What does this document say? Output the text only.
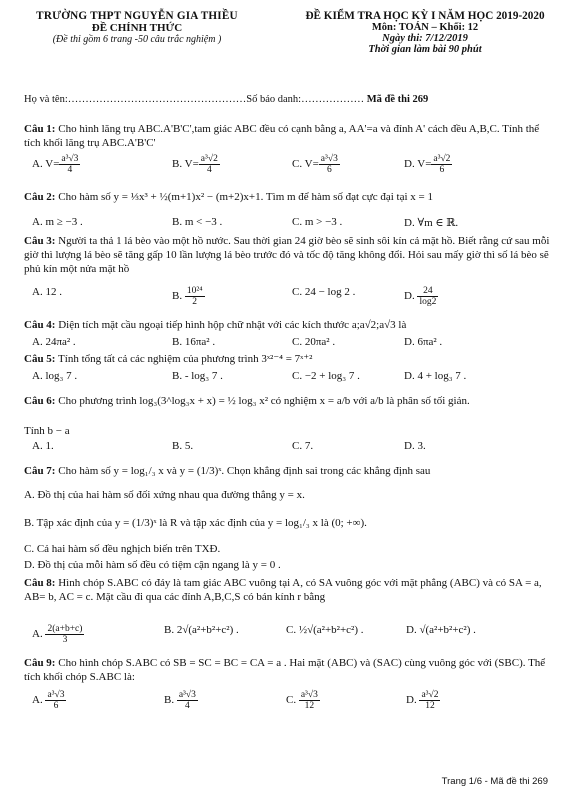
TRƯỜNG THPT NGUYỄN GIA THIỀU
ĐỀ CHÍNH THỨC
(Đề thi gồm 6 trang -50 câu trắc nghiệm )
ĐỀ KIỂM TRA HỌC KỲ I NĂM HỌC 2019-2020
Môn: TOÁN – Khối: 12
Ngày thi: 7/12/2019
Thời gian làm bài 90 phút
Họ và tên:……………………………………………Số báo danh:……………… Mã đề thi 269
Câu 1: Cho hình lăng trụ ABC.A'B'C',tam giác ABC đều có cạnh bằng a, AA'=a và đỉnh A' cách đều A,B,C. Tính thể tích khối lăng trụ ABC.A'B'C'
A. $V= \frac{\text{a³√3}}{4}$	B. $V= \frac{\text{a³√2}}{4}$	C. $V= \frac{\text{a³√3}}{6}$	D. $V= \frac{\text{a³√2}}{6}$
Câu 2: Cho hàm số y = ⅓x³ + ½(m+1)x² − (m+2)x+1. Tìm m để hàm số đạt cực đại tại x = 1
A. m ≥ −3 .	B. m < −3 .	C. m > −3 .	D. ∀m ∈ ℝ.
Câu 3: Người ta thả 1 lá bèo vào một hồ nước. Sau thời gian 24 giờ bèo sẽ sinh sôi kín cả mặt hồ. Biết rằng cứ sau mỗi giờ thì lượng lá bèo sẽ tăng gấp 10 lần lượng lá bèo trước đó và tốc độ tăng không đổi. Hỏi sau mấy giờ thì số lá bèo sẽ phủ kín một nửa mặt hồ
A. 12 .	B. $\frac{\text{10²⁴}}{2}$	C. 24 − log 2 .	D. $\frac{24}{\log 2}$
Câu 4: Diện tích mặt cầu ngoại tiếp hình hộp chữ nhật với các kích thước a;a√2;a√3 là
A. 24πa² .	B. 16πa² .	C. 20πa² .	D. 6πa² .
Câu 5: Tính tổng tất cả các nghiệm của phương trình 3ˣ²⁻⁴ = 7ˣ⁺²
A. log₃ 7 .	B. - log₃ 7 .	C. −2 + log₃ 7 .	D. 4 + log₃ 7 .
Câu 6: Cho phương trình log₃(3^log₃x + x) = ½ log₃ x² có nghiệm x = a/b với a/b là phân số tối giản.
Tính b − a
A. 1.	B. 5.	C. 7.	D. 3.
Câu 7: Cho hàm số y = log₁/₃ x và y = (1/3)ˣ. Chọn khẳng định sai trong các khẳng định sau
A. Đồ thị của hai hàm số đối xứng nhau qua đường thẳng y = x.
B. Tập xác định của y = (1/3)ˣ là R và tập xác định của y = log₁/₃ x là (0; +∞).
C. Cả hai hàm số đều nghịch biến trên TXĐ.
D. Đồ thị của mỗi hàm số đều có tiệm cận ngang là y = 0 .
Câu 8: Hình chóp S.ABC có đáy là tam giác ABC vuông tại A, có SA vuông góc với mặt phẳng (ABC) và có SA = a, AB= b, AC = c. Mặt cầu đi qua các đỉnh A,B,C,S có bán kính r bằng
A. $\frac{2(a+b+c)}{3}$	B. 2√(a²+b²+c²) .	C. ½√(a²+b²+c²) .	D. √(a²+b²+c²) .
Câu 9: Cho hình chóp S.ABC có SB = SC = BC = CA = a . Hai mặt (ABC) và (SAC) cùng vuông góc với (SBC). Thể tích khối chóp S.ABC là:
A. $\frac{\text{a³√3}}{6}$	B. $\frac{\text{a³√3}}{4}$	C. $\frac{\text{a³√3}}{12}$	D. $\frac{\text{a³√2}}{12}$
Trang 1/6 - Mã đề thi 269
